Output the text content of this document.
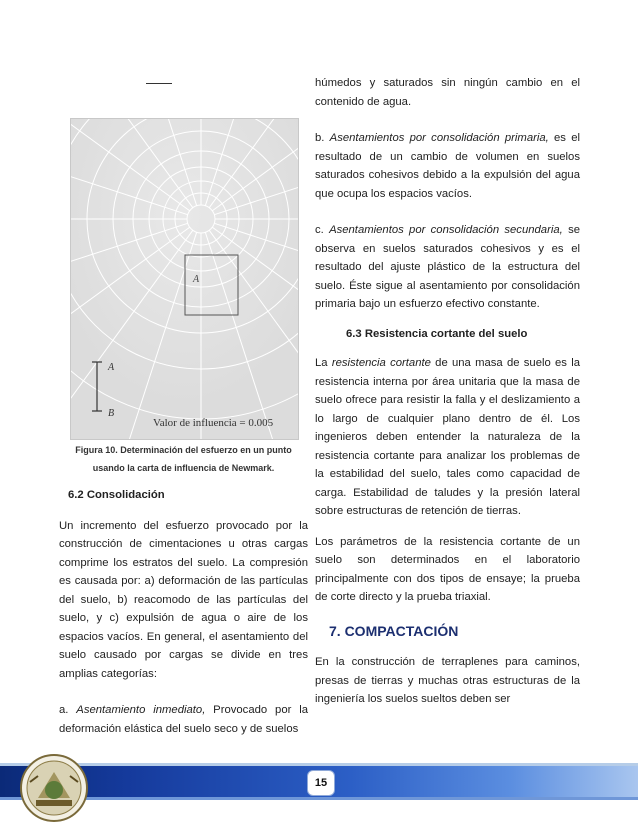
A
A
B
Valor de influencia = 0.005
Figura 10. Determinación del esfuerzo en un punto
usando la carta de influencia de Newmark.
6.2 Consolidación

Un incremento del esfuerzo provocado por la construcción de cimentaciones u otras cargas comprime los estratos del suelo. La compresión es causada por: a) deformación de las partículas del suelo, b) reacomodo de las partículas del suelo, y c) expulsión de agua o aire de los espacios vacíos. En general, el asentamiento del suelo causado por cargas se divide en tres amplias categorías:

a. Asentamiento inmediato, Provocado por la deformación elástica del suelo seco y de suelos

húmedos y saturados sin ningún cambio en el contenido de agua.

b. Asentamientos por consolidación primaria, es el resultado de un cambio de volumen en suelos saturados cohesivos debido a la expulsión del agua que ocupa los espacios vacíos.

c. Asentamientos por consolidación secundaria, se observa en suelos saturados cohesivos y es el resultado del ajuste plástico de la estructura del suelo. Éste sigue al asentamiento por consolidación primaria bajo un esfuerzo efectivo constante.

6.3 Resistencia cortante del suelo

La resistencia cortante de una masa de suelo es la resistencia interna por área unitaria que la masa de suelo ofrece para resistir la falla y el deslizamiento a lo largo de cualquier plano dentro de él. Los ingenieros deben entender la naturaleza de la resistencia cortante para analizar los problemas de la estabilidad del suelo, tales como capacidad de carga. Estabilidad de taludes y la presión lateral sobre estructuras de retención de tierras.

Los parámetros de la resistencia cortante de un suelo son determinados en el laboratorio principalmente con dos tipos de ensaye; la prueba de corte directo y la prueba triaxial.

7. COMPACTACIÓN

En la construcción de terraplenes para caminos, presas de tierras y muchas otras estructuras de la ingeniería los suelos sueltos deben ser

15
